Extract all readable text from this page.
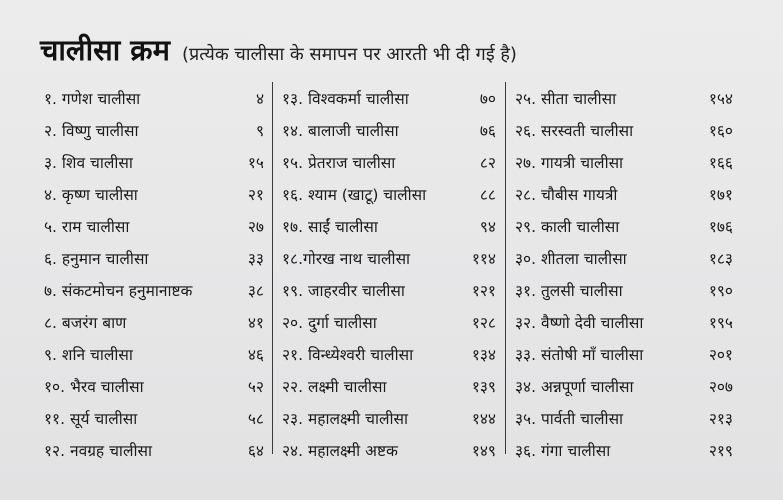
चालीसा क्रम (प्रत्येक चालीसा के समापन पर आरती भी दी गई है)
१. गणेश चालीसा	४
२. विष्णु चालीसा	९
३. शिव चालीसा	१५
४. कृष्ण चालीसा	२१
५. राम चालीसा	२७
६. हनुमान चालीसा	३३
७. संकटमोचन हनुमानाष्टक	३८
८. बजरंग बाण	४१
९. शनि चालीसा	४६
१०. भैरव चालीसा	५२
११. सूर्य चालीसा	५८
१२. नवग्रह चालीसा	६४
१३. विश्वकर्मा चालीसा	७०
१४. बालाजी चालीसा	७६
१५. प्रेतराज चालीसा	८२
१६. श्याम (खाटू) चालीसा	८८
१७. साईं चालीसा	९४
१८.गोरख नाथ चालीसा	११४
१९. जाहरवीर चालीसा	१२१
२०. दुर्गा चालीसा	१२८
२१. विन्ध्येश्वरी चालीसा	१३४
२२. लक्ष्मी चालीसा	१३९
२३. महालक्ष्मी चालीसा	१४४
२४. महालक्ष्मी अष्टक	१४९
२५. सीता चालीसा	१५४
२६. सरस्वती चालीसा	१६०
२७. गायत्री चालीसा	१६६
२८. चौबीस गायत्री	१७१
२९. काली चालीसा	१७६
३०. शीतला चालीसा	१८३
३१. तुलसी चालीसा	१९०
३२. वैष्णो देवी चालीसा	१९५
३३. संतोषी माँ चालीसा	२०१
३४. अन्नपूर्णा चालीसा	२०७
३५. पार्वती चालीसा	२१३
३६. गंगा चालीसा	२१९
